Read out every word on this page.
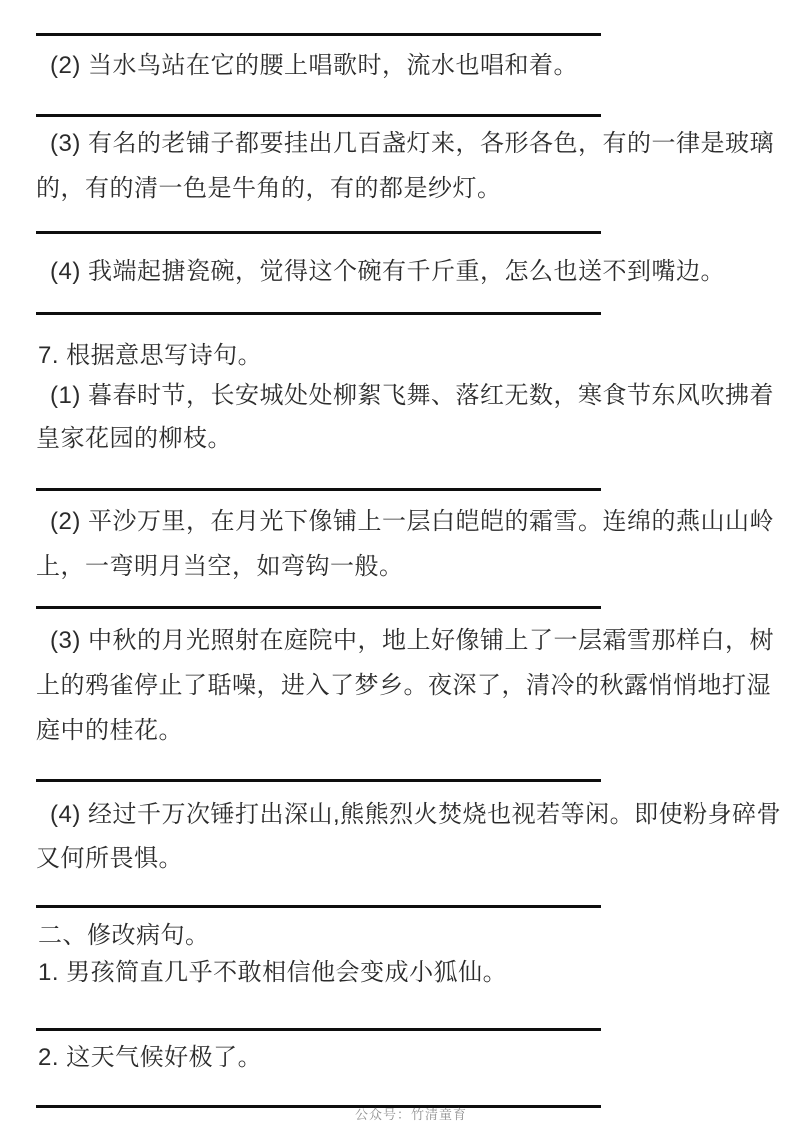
(2) 当水鸟站在它的腰上唱歌时，流水也唱和着。
(3) 有名的老铺子都要挂出几百盏灯来，各形各色，有的一律是玻璃
的，有的清一色是牛角的，有的都是纱灯。
(4) 我端起搪瓷碗，觉得这个碗有千斤重，怎么也送不到嘴边。
7. 根据意思写诗句。
(1) 暮春时节，长安城处处柳絮飞舞、落红无数，寒食节东风吹拂着
皇家花园的柳枝。
(2) 平沙万里，在月光下像铺上一层白皑皑的霜雪。连绵的燕山山岭
上，一弯明月当空，如弯钩一般。
(3) 中秋的月光照射在庭院中，地上好像铺上了一层霜雪那样白，树
上的鸦雀停止了聒噪，进入了梦乡。夜深了，清冷的秋露悄悄地打湿
庭中的桂花。
(4) 经过千万次锤打出深山,熊熊烈火焚烧也视若等闲。即使粉身碎骨
又何所畏惧。
二、修改病句。
1. 男孩简直几乎不敢相信他会变成小狐仙。
2. 这天气候好极了。
公众号：竹清童育
